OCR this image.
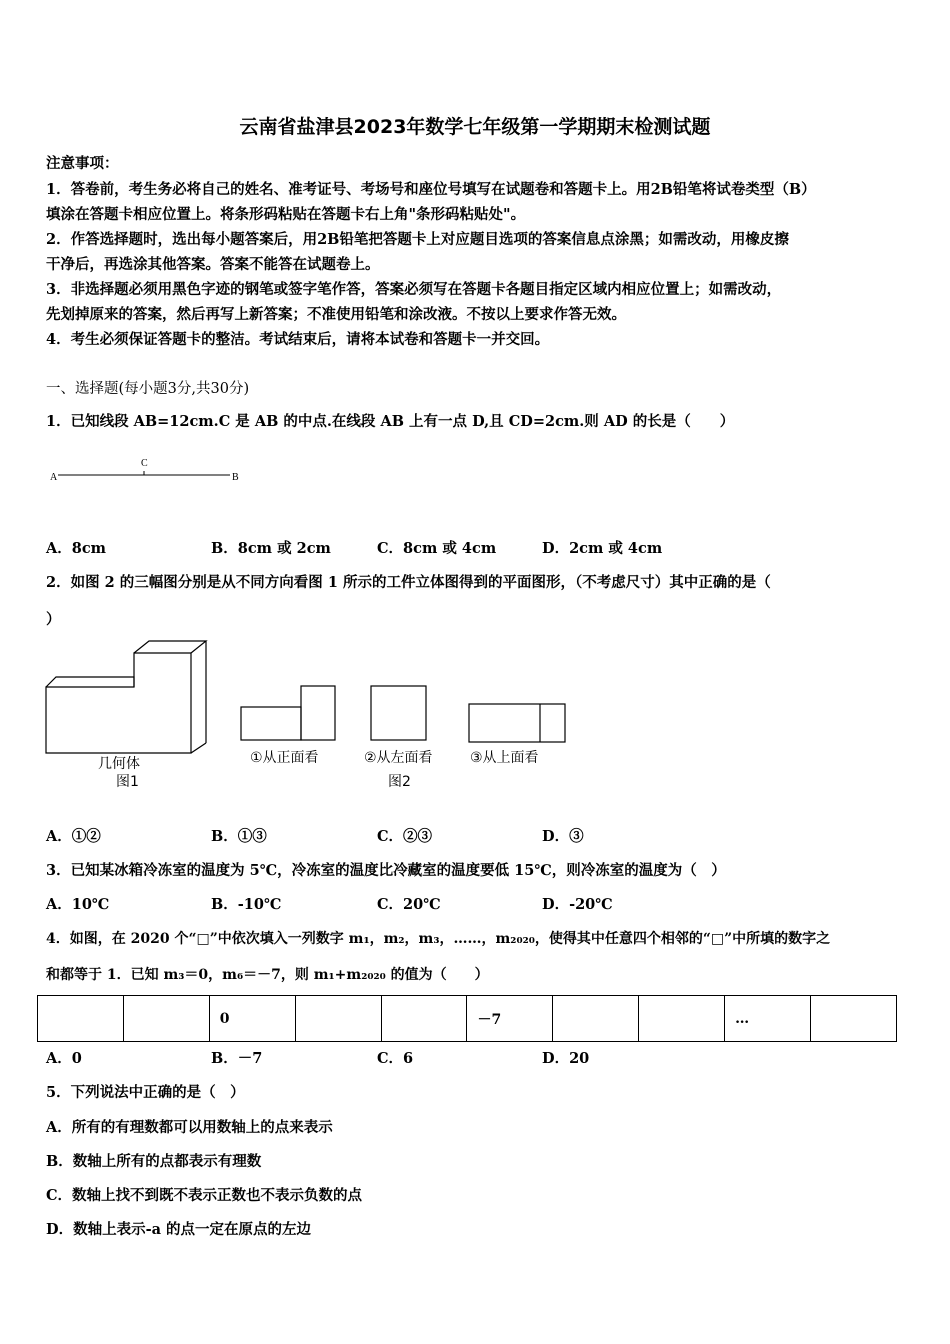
云南省盐津县2023年数学七年级第一学期期末检测试题
注意事项：
1．答卷前，考生务必将自己的姓名、准考证号、考场号和座位号填写在试题卷和答题卡上。用2B铅笔将试卷类型（B）
填涂在答题卡相应位置上。将条形码粘贴在答题卡右上角"条形码粘贴处"。
2．作答选择题时，选出每小题答案后，用2B铅笔把答题卡上对应题目选项的答案信息点涂黑；如需改动，用橡皮擦
干净后，再选涂其他答案。答案不能答在试题卷上。
3．非选择题必须用黑色字迹的钢笔或签字笔作答，答案必须写在答题卡各题目指定区域内相应位置上；如需改动，
先划掉原来的答案，然后再写上新答案；不准使用铅笔和涂改液。不按以上要求作答无效。
4．考生必须保证答题卡的整洁。考试结束后，请将本试卷和答题卡一并交回。
一、选择题(每小题3分,共30分)
1．已知线段 AB=12cm.C 是 AB 的中点.在线段 AB 上有一点 D,且 CD=2cm.则 AD 的长是（　　）
A
C
B
A．8cm	B．8cm 或 2cm	C．8cm 或 4cm	D．2cm 或 4cm
2．如图 2 的三幅图分别是从不同方向看图 1 所示的工件立体图得到的平面图形，（不考虑尺寸）其中正确的是（
）
几何体
图1
①从正面看	②从左面看	③从上面看
图2
A．①②	B．①③	C．②③	D．③
3．已知某冰箱冷冻室的温度为 5℃，冷冻室的温度比冷藏室的温度要低 15℃，则冷冻室的温度为（　）
A．10℃	B．-10℃	C．20℃	D．-20℃
4．如图，在 2020 个“□”中依次填入一列数字 m₁，m₂，m₃，……，m₂₀₂₀，使得其中任意四个相邻的“□”中所填的数字之
和都等于 1．已知 m₃＝0，m₆＝－7，则 m₁+m₂₀₂₀ 的值为（　　）
		0			－7			…	
A．0	B．－7	C．6	D．20
5．下列说法中正确的是（　）
A．所有的有理数都可以用数轴上的点来表示
B．数轴上所有的点都表示有理数
C．数轴上找不到既不表示正数也不表示负数的点
D．数轴上表示-a 的点一定在原点的左边
